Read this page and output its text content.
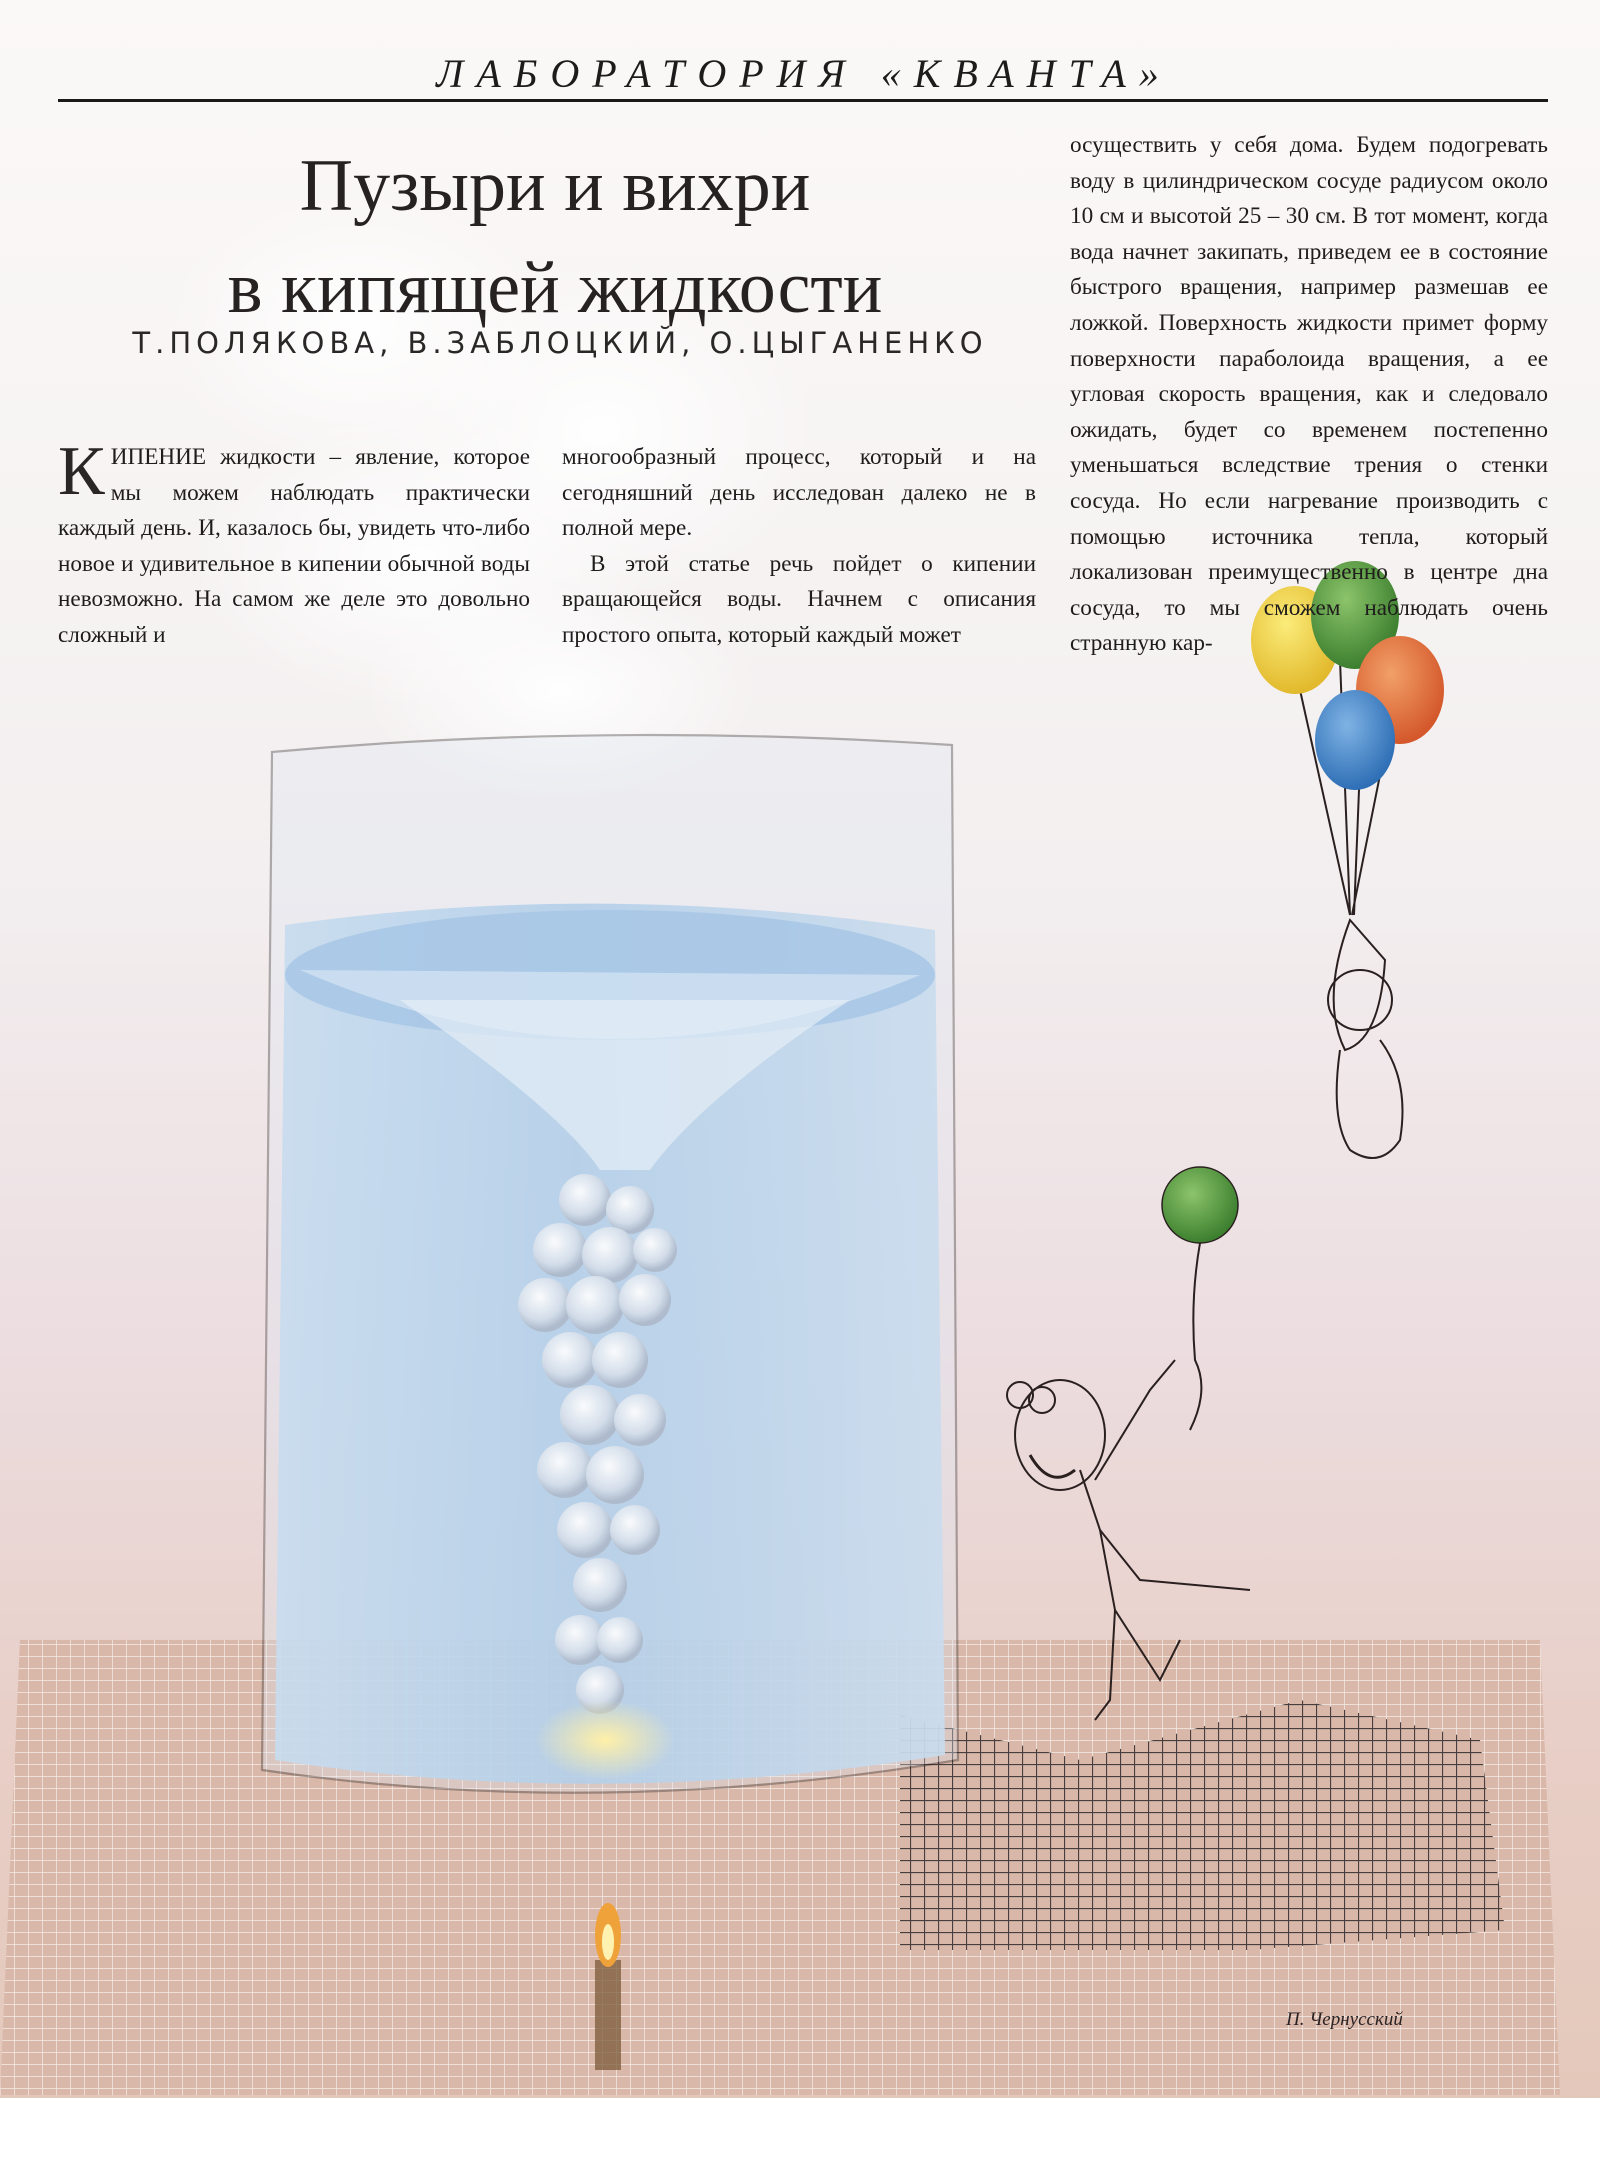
ЛАБОРАТОРИЯ «КВАНТА»
Пузыри и вихри
в кипящей жидкости
Т.ПОЛЯКОВА, В.ЗАБЛОЦКИЙ, О.ЦЫГАНЕНКО

К ИПЕНИЕ жидкости – явление, которое мы можем наблюдать практически каждый день. И, казалось бы, увидеть что-либо новое и удивительное в кипении обычной воды невозможно. На самом же деле это довольно сложный и

многообразный процесс, который и на сегодняшний день исследован далеко не в полной мере.

В этой статье речь пойдет о кипении вращающейся воды. Начнем с описания простого опыта, который каждый может

осуществить у себя дома. Будем подогревать воду в цилиндрическом сосуде радиусом около 10 см и высотой 25 – 30 см. В тот момент, когда вода начнет закипать, приведем ее в состояние быстрого вращения, например размешав ее ложкой. Поверхность жидкости примет форму поверхности параболоида вращения, а ее угловая скорость вращения, как и следовало ожидать, будет со временем постепенно уменьшаться вследствие трения о стенки сосуда. Но если нагревание производить с помощью источника тепла, который локализован преимущественно в центре дна сосуда, то мы сможем наблюдать очень странную кар-

П. Чернусский
